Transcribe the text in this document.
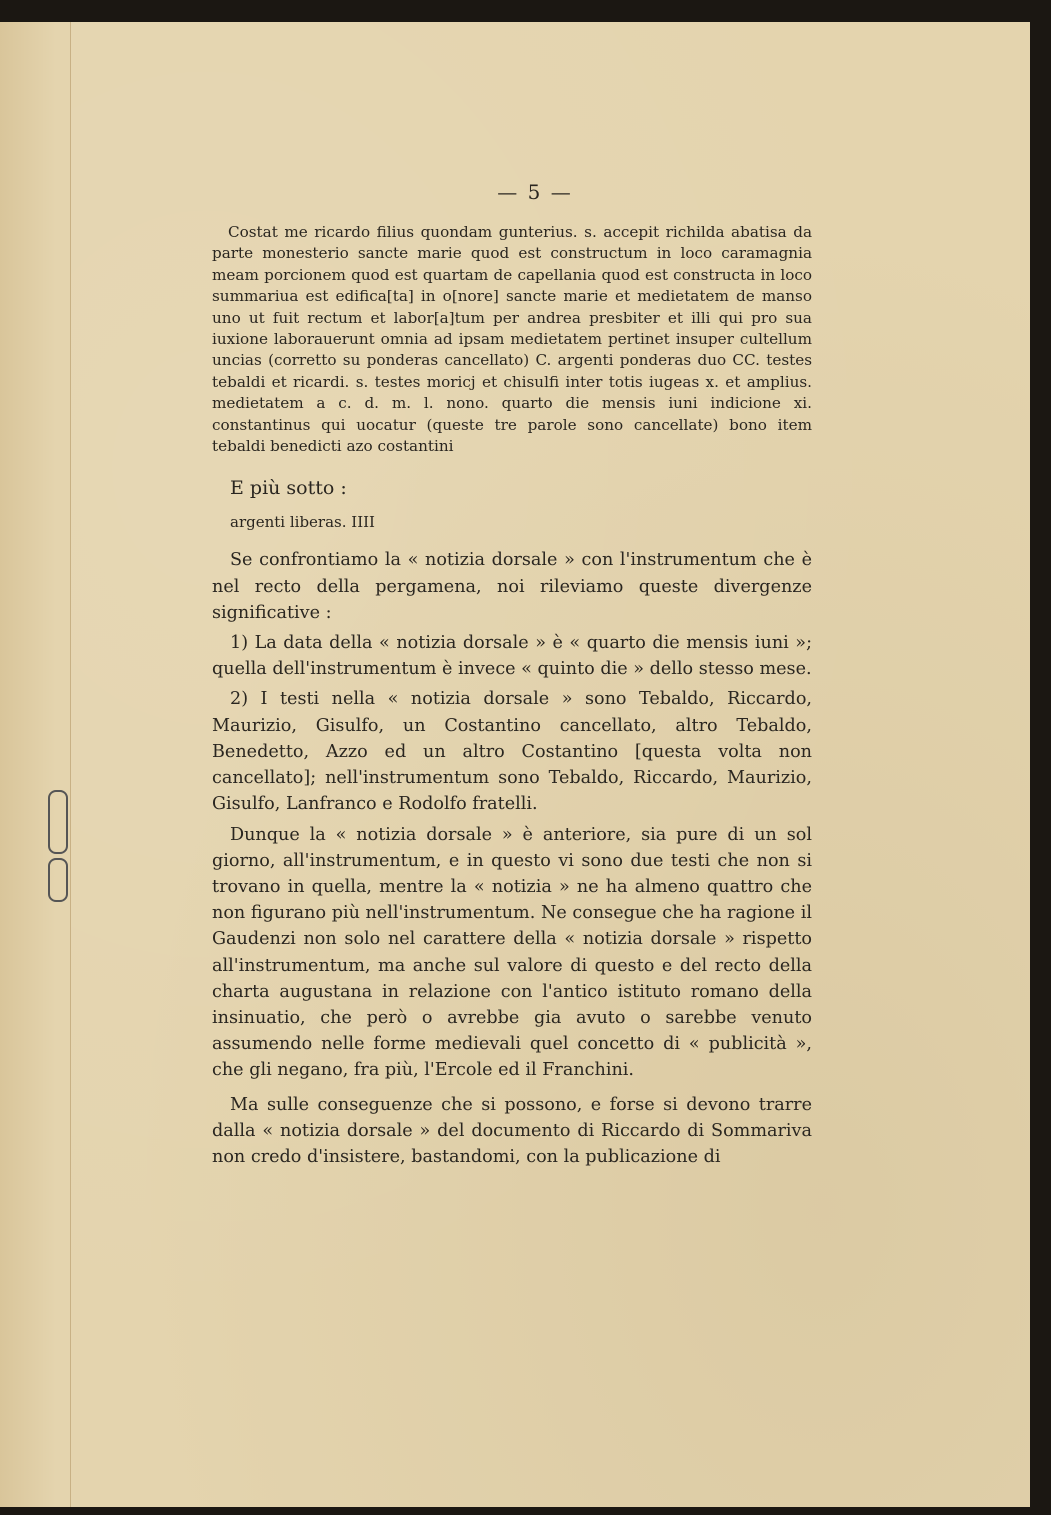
— 5 —

Costat me ricardo filius quondam gunterius. s. accepit richilda abatisa da parte monesterio sancte marie quod est constructum in loco caramagnia meam porcionem quod est quartam de capellania quod est constructa in loco summariua est edifica[ta] in o[nore] sancte marie et medietatem de manso uno ut fuit rectum et labor[a]tum per andrea presbiter et illi qui pro sua iuxione laborauerunt omnia ad ipsam medietatem pertinet insuper cultellum uncias (corretto su ponderas cancellato) C. argenti ponderas duo CC. testes tebaldi et ricardi. s. testes moricj et chisulfi inter totis iugeas x. et amplius. medietatem a c. d. m. l. nono. quarto die mensis iuni indicione xi. constantinus qui uocatur (queste tre parole sono cancellate) bono item tebaldi benedicti azo costantini

E più sotto :
argenti liberas. IIII

Se confrontiamo la « notizia dorsale » con l'instrumentum che è nel recto della pergamena, noi rileviamo queste divergenze significative :

1) La data della « notizia dorsale » è « quarto die mensis iuni »; quella dell'instrumentum è invece « quinto die » dello stesso mese.

2) I testi nella « notizia dorsale » sono Tebaldo, Riccardo, Maurizio, Gisulfo, un Costantino cancellato, altro Tebaldo, Benedetto, Azzo ed un altro Costantino [questa volta non cancellato]; nell'instrumentum sono Tebaldo, Riccardo, Maurizio, Gisulfo, Lanfranco e Rodolfo fratelli.

Dunque la « notizia dorsale » è anteriore, sia pure di un sol giorno, all'instrumentum, e in questo vi sono due testi che non si trovano in quella, mentre la « notizia » ne ha almeno quattro che non figurano più nell'instrumentum. Ne consegue che ha ragione il Gaudenzi non solo nel carattere della « notizia dorsale » rispetto all'instrumentum, ma anche sul valore di questo e del recto della charta augustana in relazione con l'antico istituto romano della insinuatio, che però o avrebbe gia avuto o sarebbe venuto assumendo nelle forme medievali quel concetto di « publicità », che gli negano, fra più, l'Ercole ed il Franchini.

Ma sulle conseguenze che si possono, e forse si devono trarre dalla « notizia dorsale » del documento di Riccardo di Sommariva non credo d'insistere, bastandomi, con la publicazione di
